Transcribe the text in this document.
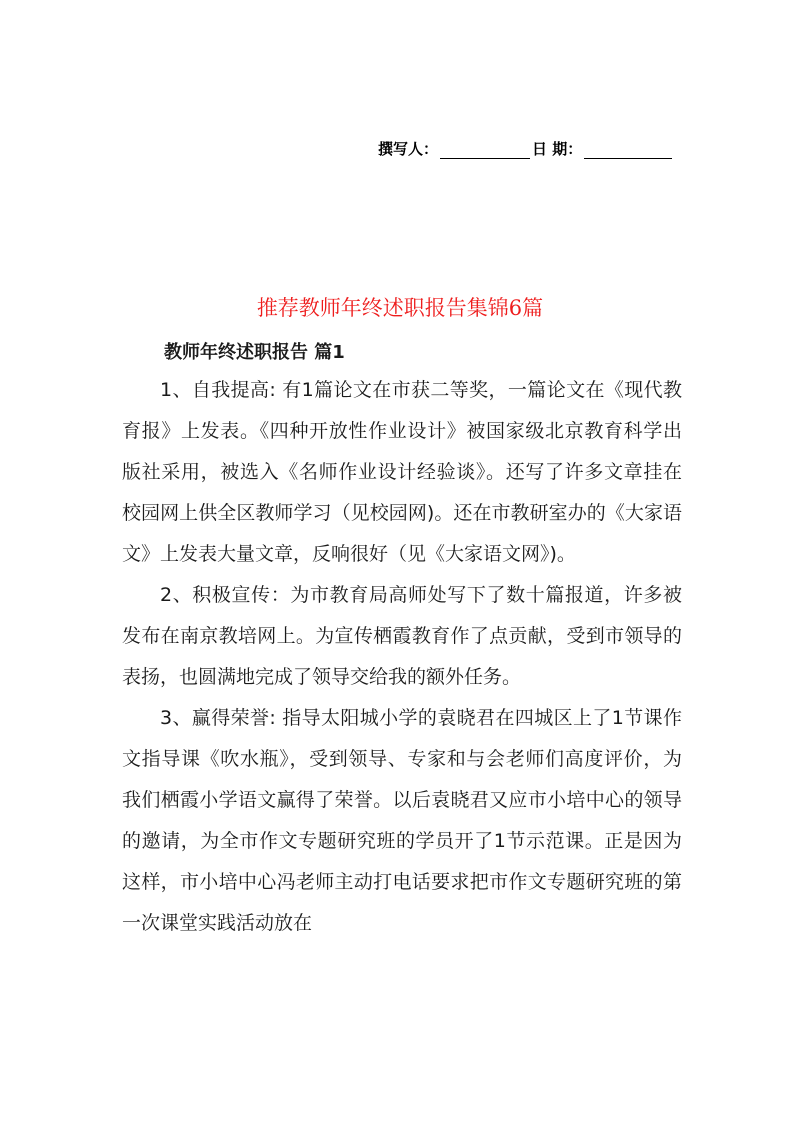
撰写人：	日 期：
推荐教师年终述职报告集锦6篇
教师年终述职报告 篇1

1、自我提高: 有1篇论文在市获二等奖，一篇论文在《现代教育报》上发表。《四种开放性作业设计》被国家级北京教育科学出版社采用，被选入《名师作业设计经验谈》。还写了许多文章挂在校园网上供全区教师学习（见校园网)。还在市教研室办的《大家语文》上发表大量文章，反响很好（见《大家语文网》)。

2、积极宣传：为市教育局高师处写下了数十篇报道，许多被发布在南京教培网上。为宣传栖霞教育作了点贡献，受到市领导的表扬，也圆满地完成了领导交给我的额外任务。

3、赢得荣誉: 指导太阳城小学的袁晓君在四城区上了1节课作文指导课《吹水瓶》，受到领导、专家和与会老师们高度评价，为我们栖霞小学语文赢得了荣誉。以后袁晓君又应市小培中心的领导的邀请，为全市作文专题研究班的学员开了1节示范课。正是因为这样，市小培中心冯老师主动打电话要求把市作文专题研究班的第一次课堂实践活动放在
